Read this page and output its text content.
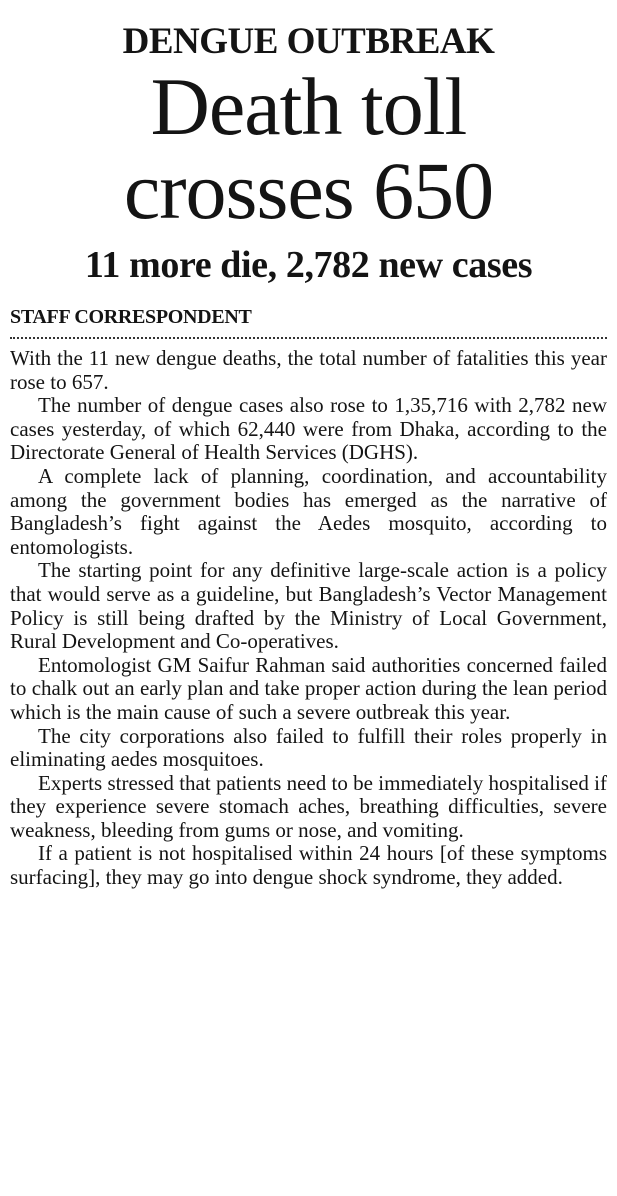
DENGUE OUTBREAK
Death toll
crosses 650
11 more die, 2,782 new cases
STAFF CORRESPONDENT

With the 11 new dengue deaths, the total number of fatalities this year rose to 657.

The number of dengue cases also rose to 1,35,716 with 2,782 new cases yesterday, of which 62,440 were from Dhaka, according to the Directorate General of Health Services (DGHS).

A complete lack of planning, coordination, and accountability among the government bodies has emerged as the narrative of Bangladesh’s fight against the Aedes mosquito, according to entomologists.

The starting point for any definitive large-scale action is a policy that would serve as a guideline, but Bangladesh’s Vector Management Policy is still being drafted by the Ministry of Local Government, Rural Development and Co-operatives.

Entomologist GM Saifur Rahman said authorities concerned failed to chalk out an early plan and take proper action during the lean period which is the main cause of such a severe outbreak this year.

The city corporations also failed to fulfill their roles properly in eliminating aedes mosquitoes.

Experts stressed that patients need to be immediately hospitalised if they experience severe stomach aches, breathing difficulties, severe weakness, bleeding from gums or nose, and vomiting.

If a patient is not hospitalised within 24 hours [of these symptoms surfacing], they may go into dengue shock syndrome, they added.
